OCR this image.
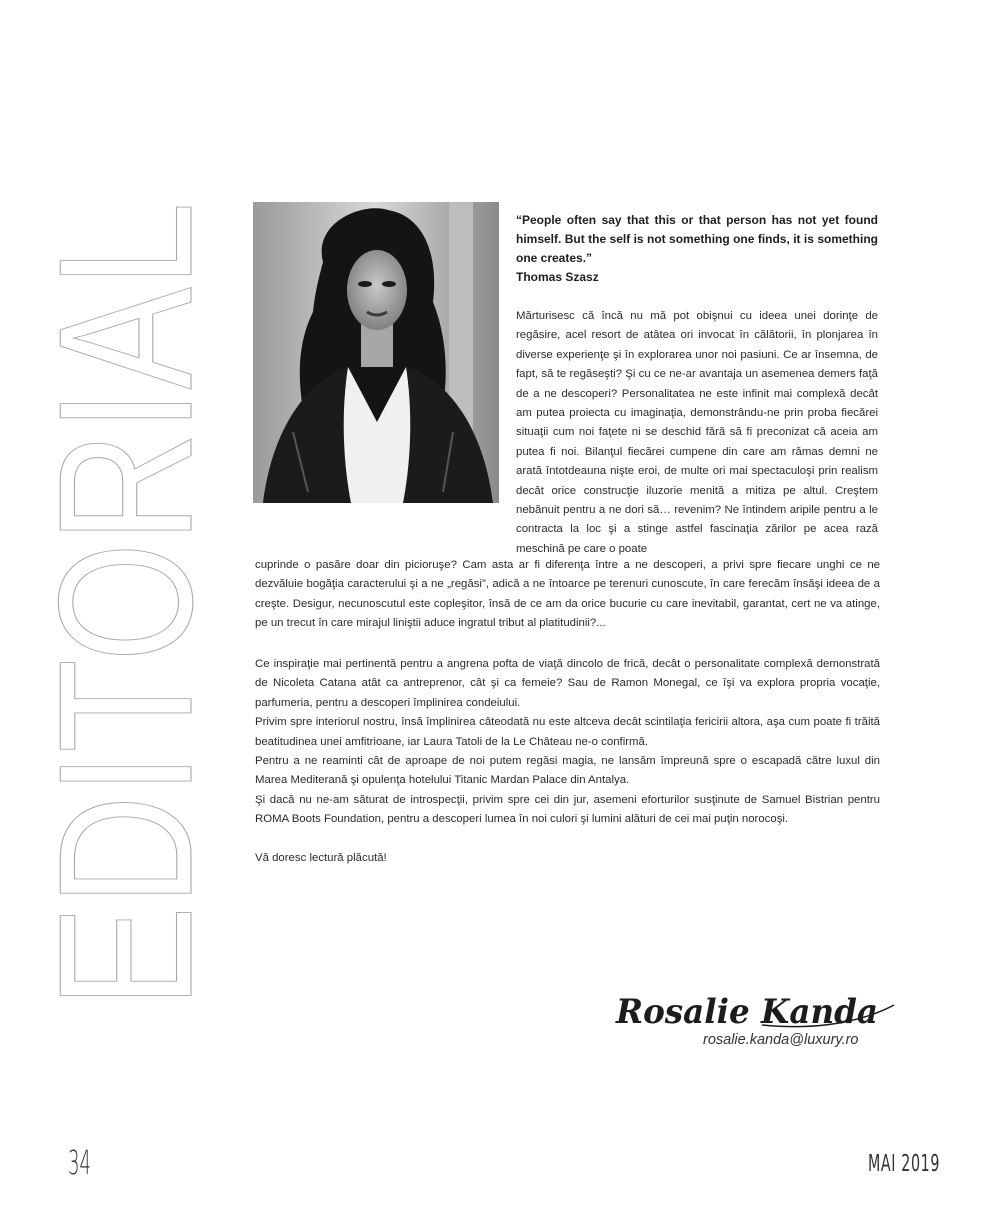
EDITORIAL	“People often say that this or that person has not yet found himself. But the self is not something one finds, it is something one creates.”
Thomas Szasz

Mărturisesc că încă nu mă pot obişnui cu ideea unei dorinţe de regăsire, acel resort de atâtea ori invocat în călătorii, în plonjarea în diverse experienţe şi în explorarea unor noi pasiuni. Ce ar însemna, de fapt, să te regăseşti? Şi cu ce ne-ar avantaja un asemenea demers faţă de a ne descoperi? Personalitatea ne este infinit mai complexă decât am putea proiecta cu imaginaţia, demonstrându-ne prin proba fiecărei situaţii cum noi faţete ni se deschid fără să fi preconizat că aceia am putea fi noi. Bilanţul fiecărei cumpene din care am rămas demni ne arată întotdeauna nişte eroi, de multe ori mai spectaculoşi prin realism decât orice construcţie iluzorie menită a mitiza pe altul. Creştem nebănuit pentru a ne dori să… revenim? Ne întindem aripile pentru a le contracta la loc şi a stinge astfel fascinaţia zărilor pe acea rază meschină pe care o poate

cuprinde o pasăre doar din picioruşe? Cam asta ar fi diferenţa între a ne descoperi, a privi spre fiecare unghi ce ne dezvăluie bogăţia caracterului şi a ne „regăsi”, adică a ne întoarce pe terenuri cunoscute, în care ferecăm însăşi ideea de a creşte. Desigur, necunoscutul este copleşitor, însă de ce am da orice bucurie cu care inevitabil, garantat, cert ne va atinge, pe un trecut în care mirajul liniştii aduce ingratul tribut al platitudinii?...

Ce inspiraţie mai pertinentă pentru a angrena pofta de viaţă dincolo de frică, decât o personalitate complexă demonstrată de Nicoleta Catana atât ca antreprenor, cât şi ca femeie? Sau de Ramon Monegal, ce îşi va explora propria vocaţie, parfumeria, pentru a descoperi împlinirea condeiului.

Privim spre interiorul nostru, însă împlinirea câteodată nu este altceva decât scintilaţia fericirii altora, aşa cum poate fi trăită beatitudinea unei amfitrioane, iar Laura Tatoli de la Le Château ne-o confirmă.

Pentru a ne reaminti cât de aproape de noi putem regăsi magia, ne lansăm împreună spre o escapadă către luxul din Marea Mediterană şi opulenţa hotelului Titanic Mardan Palace din Antalya.

Şi dacă nu ne-am săturat de introspecţii, privim spre cei din jur, asemeni eforturilor susţinute de Samuel Bistrian pentru ROMA Boots Foundation, pentru a descoperi lumea în noi culori şi lumini alături de cei mai puţin norocoşi.

Vă doresc lectură plăcută!

Rosalie Kanda
rosalie.kanda@luxury.ro
34	MAI 2019
